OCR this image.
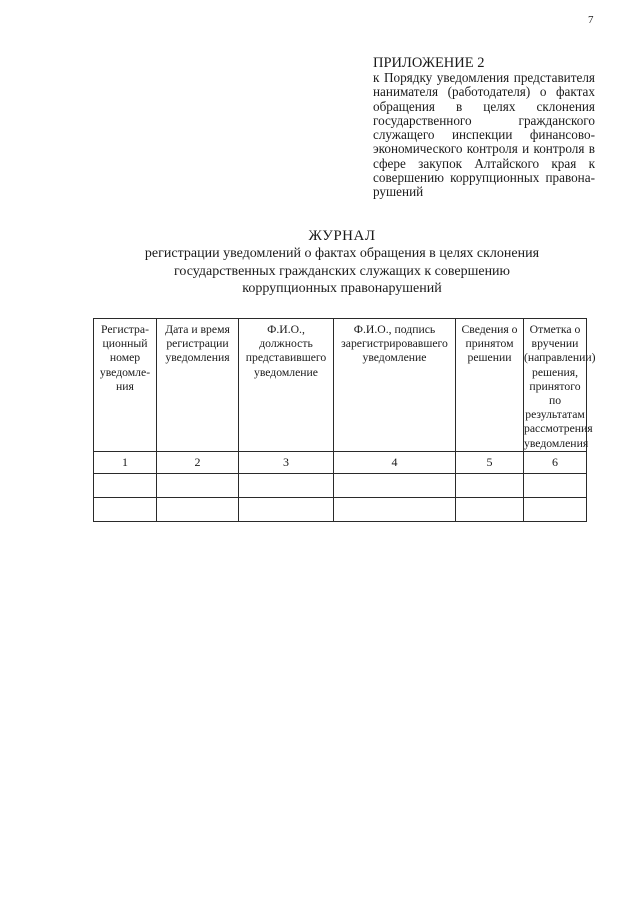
7
ПРИЛОЖЕНИЕ 2
к Порядку уведомления представителя нанимателя (работодателя) о фактах обращения в целях склонения государственного гражданского служащего инспекции финансово-экономического контроля и контроля в сфере закупок Алтайского края к совершению коррупционных правонарушений
ЖУРНАЛ
регистрации уведомлений о фактах обращения в целях склонения
государственных гражданских служащих к совершению
коррупционных правонарушений
Регистра-ционный номер уведомле-ния	Дата и время регистрации уведомления	Ф.И.О., должность представившего уведомление	Ф.И.О., подпись зарегистрировавшего уведомление	Сведения о принятом решении	Отметка о вручении (направлении) решения, принятого по результатам рассмотрения уведомления
1	2	3	4	5	6
